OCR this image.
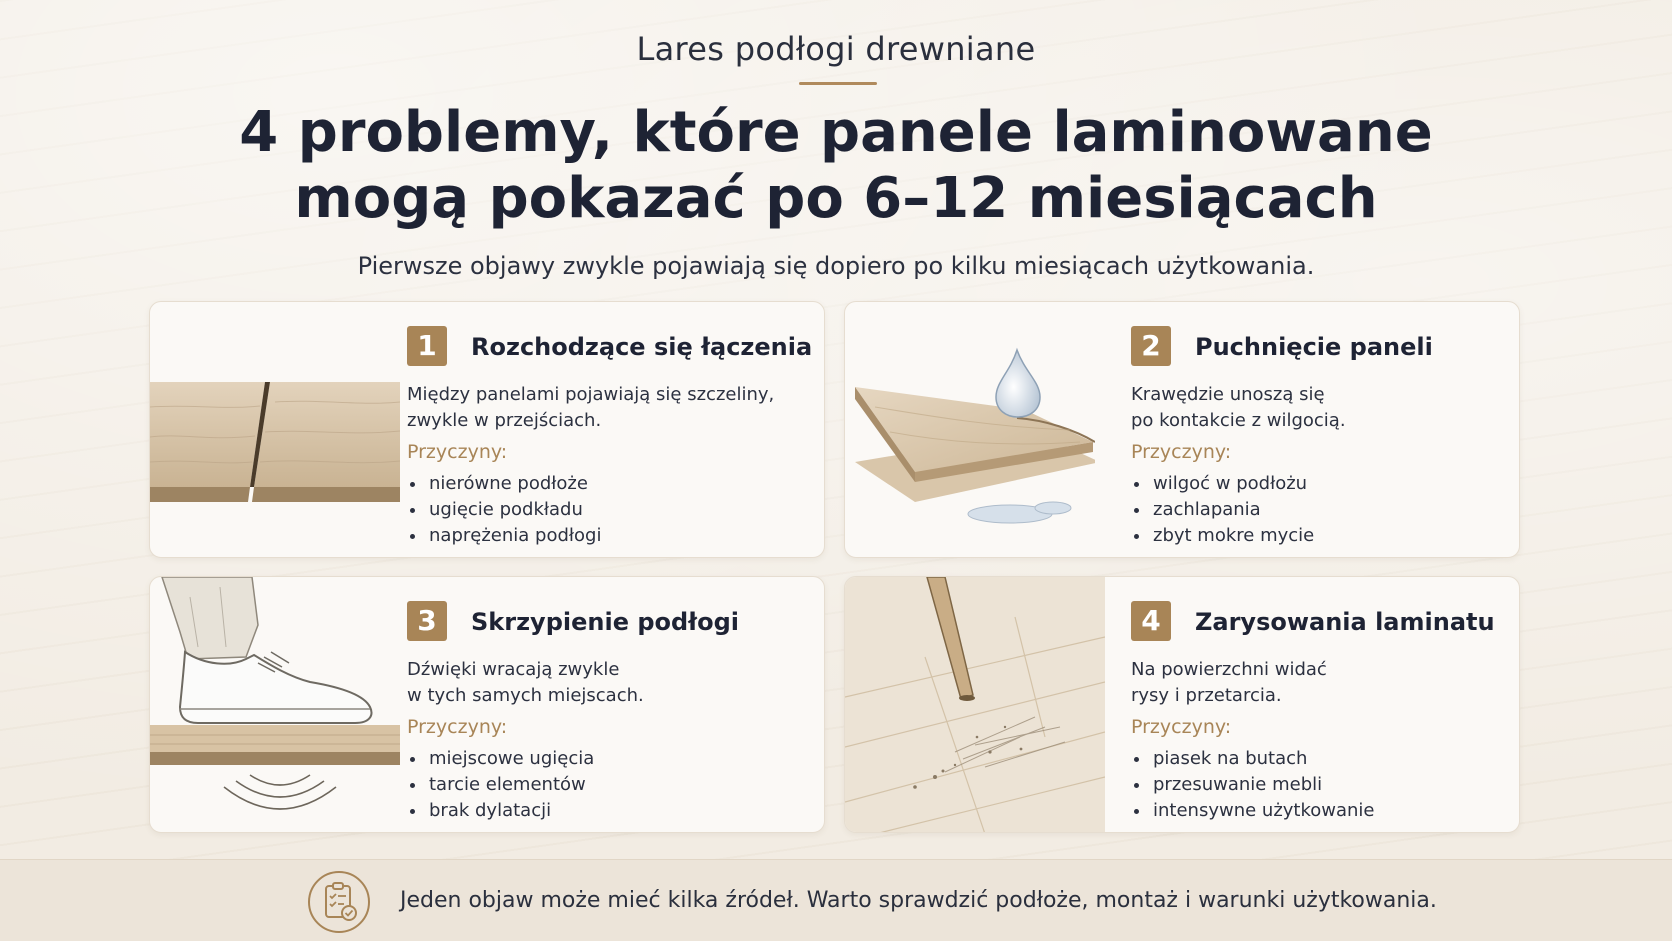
Lares podłogi drewniane
4 problemy, które panele laminowane
mogą pokazać po 6–12 miesiącach
Pierwsze objawy zwykle pojawiają się dopiero po kilku miesiącach użytkowania.
1	Rozchodzące się łączenia
Między panelami pojawiają się szczeliny,
zwykle w przejściach.
Przyczyny:
nierówne podłoże
ugięcie podkładu
naprężenia podłogi
2	Puchnięcie paneli
Krawędzie unoszą się
po kontakcie z wilgocią.
Przyczyny:
wilgoć w podłożu
zachlapania
zbyt mokre mycie
3	Skrzypienie podłogi
Dźwięki wracają zwykle
w tych samych miejscach.
Przyczyny:
miejscowe ugięcia
tarcie elementów
brak dylatacji
4	Zarysowania laminatu
Na powierzchni widać
rysy i przetarcia.
Przyczyny:
piasek na butach
przesuwanie mebli
intensywne użytkowanie
Jeden objaw może mieć kilka źródeł. Warto sprawdzić podłoże, montaż i warunki użytkowania.
